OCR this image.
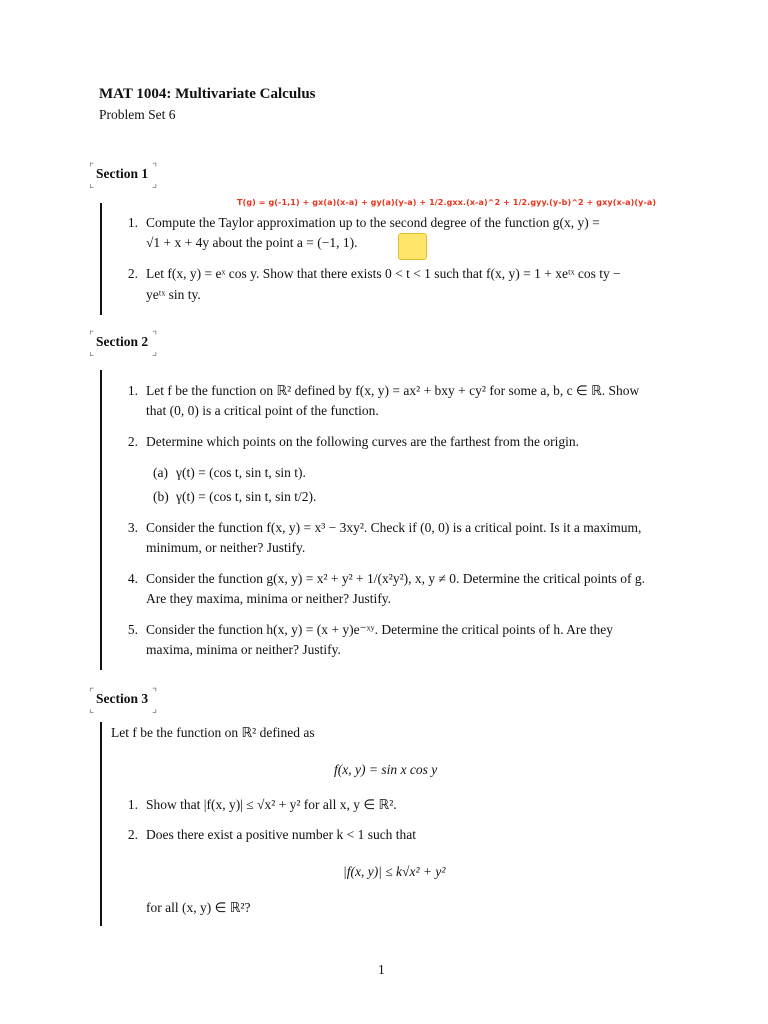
MAT 1004: Multivariate Calculus
Problem Set 6
⌜ Section 1 ⌝
⌞	⌟
T(g) = g(-1,1) + gx(a)(x-a) + gy(a)(y-a) + 1/2.gxx.(x-a)^2 + 1/2.gyy.(y-b)^2 + gxy(x-a)(y-a)
1. Compute the Taylor approximation up to the second degree of the function g(x, y) =
√1 + x + 4y about the point a = (−1, 1).
2. Let f(x, y) = eˣ cos y. Show that there exists 0 < t < 1 such that f(x, y) = 1 + xeᵗˣ cos ty −
yeᵗˣ sin ty.
⌜ Section 2 ⌝
⌞	⌟
1. Let f be the function on ℝ² defined by f(x, y) = ax² + bxy + cy² for some a, b, c ∈ ℝ. Show
that (0, 0) is a critical point of the function.
2. Determine which points on the following curves are the farthest from the origin.
(a) γ(t) = (cos t, sin t, sin t).
(b) γ(t) = (cos t, sin t, sin t/2).
3. Consider the function f(x, y) = x³ − 3xy². Check if (0, 0) is a critical point. Is it a maximum,
minimum, or neither? Justify.
4. Consider the function g(x, y) = x² + y² + 1/(x²y²), x, y ≠ 0. Determine the critical points of g.
Are they maxima, minima or neither? Justify.
5. Consider the function h(x, y) = (x + y)e⁻ˣʸ. Determine the critical points of h. Are they
maxima, minima or neither? Justify.
⌜ Section 3 ⌝
⌞	⌟
Let f be the function on ℝ² defined as
f(x, y) = sin x cos y
1. Show that |f(x, y)| ≤ √x² + y² for all x, y ∈ ℝ².
2. Does there exist a positive number k < 1 such that
|f(x, y)| ≤ k√x² + y²
for all (x, y) ∈ ℝ²?
1
